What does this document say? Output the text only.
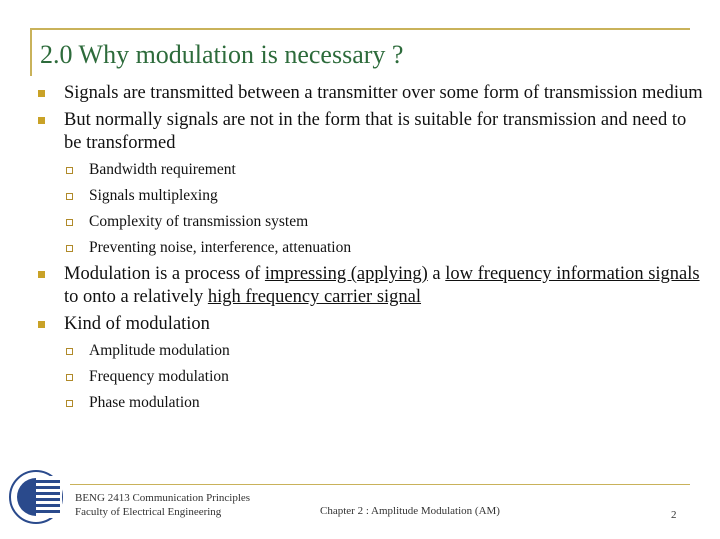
2.0 Why modulation is necessary ?
Signals are transmitted between a transmitter over some form of transmission medium
But normally signals are not in the form that is suitable for transmission and need to be transformed
Bandwidth requirement
Signals multiplexing
Complexity of transmission system
Preventing noise, interference, attenuation
Modulation is a process of impressing (applying) a low frequency information signals to onto a relatively high frequency carrier signal
Kind of modulation
Amplitude modulation
Frequency modulation
Phase modulation
BENG 2413 Communication Principles
Faculty of Electrical Engineering	Chapter 2 : Amplitude Modulation (AM)	2
